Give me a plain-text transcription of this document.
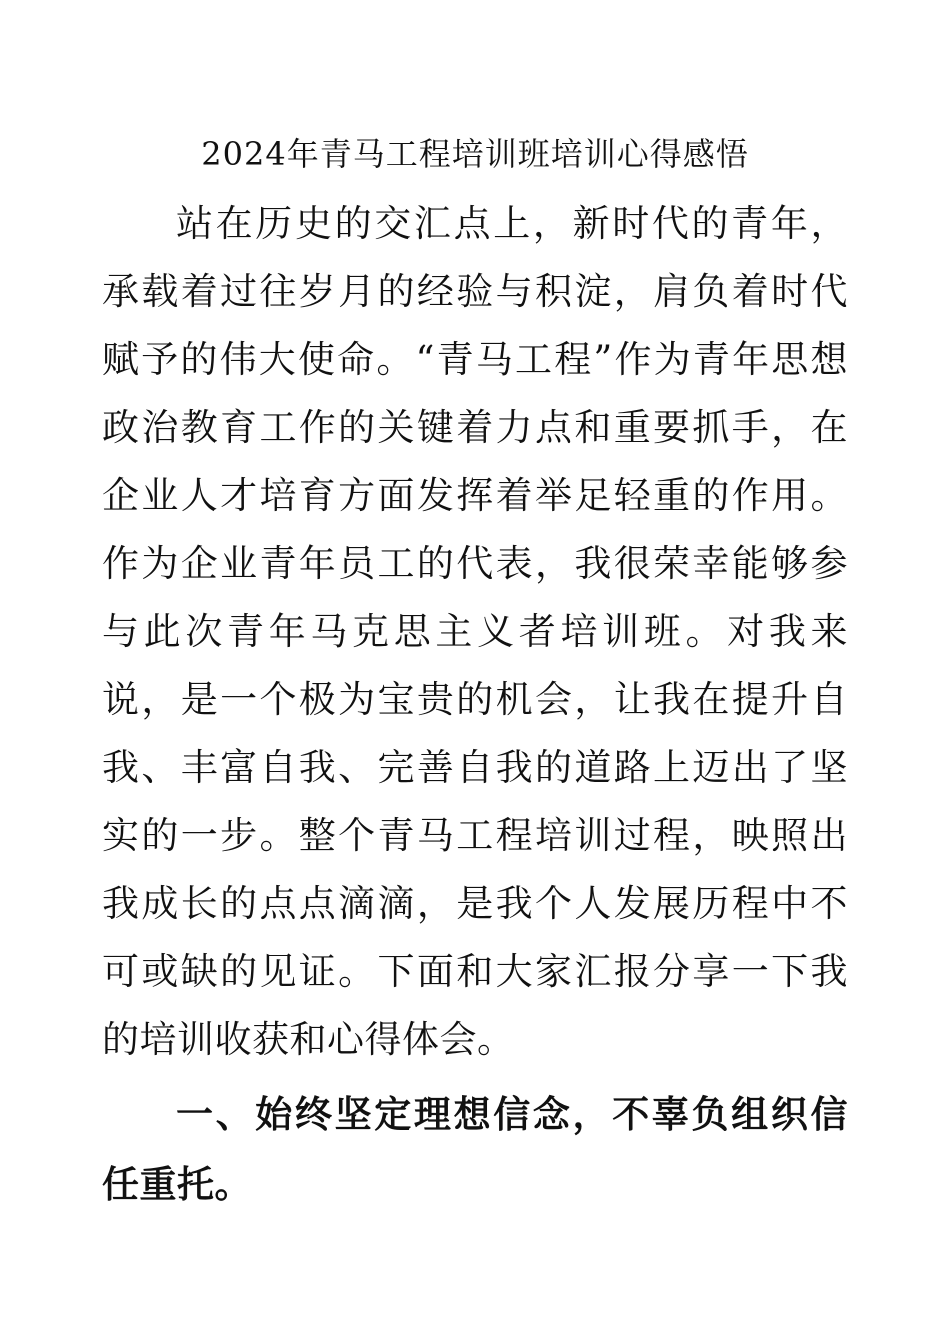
2024年青马工程培训班培训心得感悟

站在历史的交汇点上，新时代的青年，承载着过往岁月的经验与积淀，肩负着时代赋予的伟大使命。“青马工程”作为青年思想政治教育工作的关键着力点和重要抓手，在企业人才培育方面发挥着举足轻重的作用。作为企业青年员工的代表，我很荣幸能够参与此次青年马克思主义者培训班。对我来说，是一个极为宝贵的机会，让我在提升自我、丰富自我、完善自我的道路上迈出了坚实的一步。整个青马工程培训过程，映照出我成长的点点滴滴，是我个人发展历程中不可或缺的见证。下面和大家汇报分享一下我的培训收获和心得体会。

一、始终坚定理想信念，不辜负组织信任重托。
